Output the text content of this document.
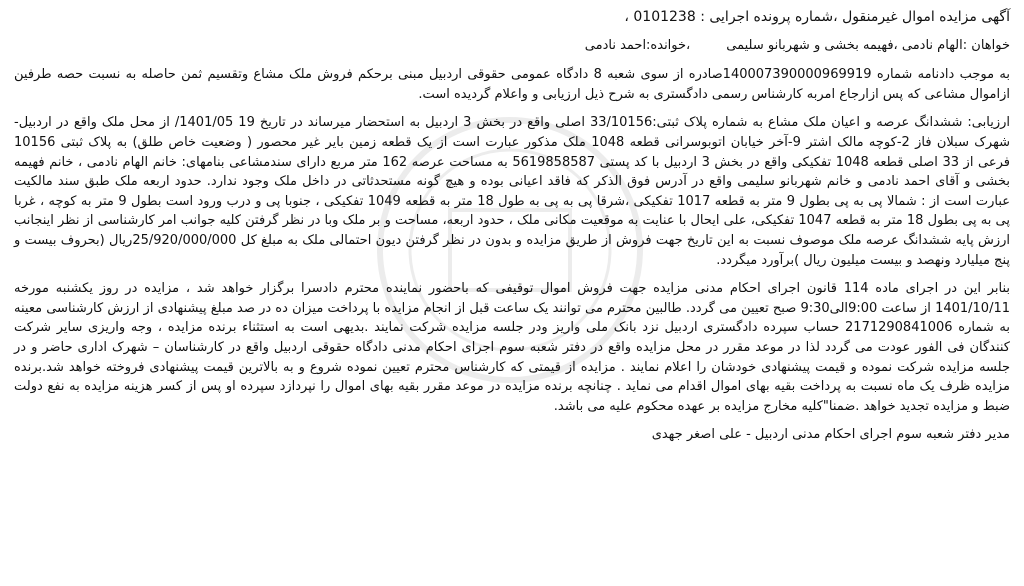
آگهی مزایده اموال غیرمنقول ،شماره پرونده اجرایی : 0101238 ،

خواهان :الهام نادمی ،فهیمه بخشی و شهربانو سلیمی
،خوانده:احمد نادمی

به موجب دادنامه شماره 140007390000969919صادره از سوی شعبه 8 دادگاه عمومی حقوقی اردبیل مبنی برحکم فروش ملک مشاع وتقسیم ثمن حاصله به نسبت حصه طرفین ازاموال مشاعی که پس ازارجاع امربه کارشناس رسمی دادگستری به شرح ذیل ارزیابی و واعلام گردیده است.

ارزیابی: ششدانگ عرصه و اعیان ملک مشاع به شماره پلاک ثبتی:33/10156 اصلی واقع در بخش 3 اردبیل به استحضار میرساند در تاریخ 19 1401/05/ از محل ملک واقع در اردبیل-شهرک سبلان فاز 2-کوچه مالک اشتر 9-آخر خیابان اتوبوسرانی قطعه 1048 ملک مذکور عبارت است از یک قطعه زمین بایر غیر محصور ( وضعیت خاص طلق) به پلاک ثبتی 10156 فرعی از 33 اصلی قطعه 1048 تفکیکی واقع در بخش 3 اردبیل با کد پستی 5619858587 به مساحت عرصه 162 متر مربع دارای سندمشاعی بنامهای: خانم الهام نادمی ، خانم فهیمه بخشی و آقای احمد نادمی و خانم شهربانو سلیمی واقع در آدرس فوق الذکر که فاقد اعیانی بوده و هیچ گونه مستحدثاتی در داخل ملک وجود ندارد. حدود اربعه ملک طبق سند مالکیت عبارت است از : شمالا پی به پی بطول 9 متر به قطعه 1017 تفکیکی ،شرقا پی به پی به طول 18 متر به قطعه 1049 تفکیکی ، جنوبا پی و درب ورود است بطول 9 متر به کوچه ، غربا پی به پی بطول 18 متر به قطعه 1047 تفکیکی، علی ایحال با عنایت به موقعیت مکانی ملک ، حدود اربعه، مساحت و بر ملک وبا در نظر گرفتن کلیه جوانب امر کارشناسی از نظر اینجانب ارزش پایه ششدانگ عرصه ملک موصوف نسبت به این تاریخ جهت فروش از طریق مزایده و بدون در نظر گرفتن دیون احتمالی ملک به مبلغ کل 25/920/000/000ریال (بحروف بیست و پنج میلیارد ونهصد و بیست میلیون ریال )برآورد میگردد.

بنابر این در اجرای ماده 114 قانون اجرای احکام مدنی مزایده جهت فروش اموال توقیفی که باحضور نماینده محترم دادسرا برگزار خواهد شد ، مزایده در روز یکشنبه مورخه 1401/10/11 از ساعت 9:00الی9:30 صبح تعیین می گردد. طالبین محترم می توانند یک ساعت قبل از انجام مزایده با پرداخت میزان ده در صد مبلغ پیشنهادی از ارزش کارشناسی معینه به شماره 2171290841006 حساب سپرده دادگستری اردبیل نزد بانک ملی واریز ودر جلسه مزایده شرکت نمایند .بدیهی است به استثناء برنده مزایده ، وجه واریزی سایر شرکت کنندگان فی الفور عودت می گردد لذا در موعد مقرر در محل مزایده واقع در دفتر شعبه سوم اجرای احکام مدنی دادگاه حقوقی اردبیل واقع در کارشناسان – شهرک اداری حاضر و در جلسه مزایده شرکت نموده و قیمت پیشنهادی خودشان را اعلام نمایند . مزایده از قیمتی که کارشناس محترم تعیین نموده شروع و به بالاترین قیمت پیشنهادی فروخته خواهد شد.برنده مزایده ظرف یک ماه نسبت به پرداخت بقیه بهای اموال اقدام می نماید . چنانچه برنده مزایده در موعد مقرر بقیه بهای اموال را نپردازد سپرده او پس از کسر هزینه مزایده به نفع دولت ضبط و مزایده تجدید خواهد .ضمنا"کلیه مخارج مزایده بر عهده محکوم علیه می باشد.

مدیر دفتر شعبه سوم اجرای احکام مدنی اردبیل - علی اصغر جهدی
